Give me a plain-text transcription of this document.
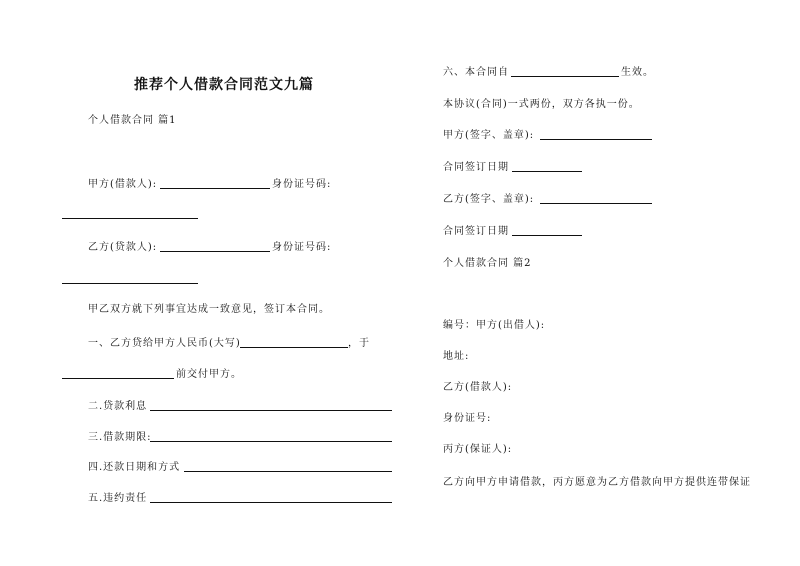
推荐个人借款合同范文九篇
个人借款合同 篇1
甲方(借款人):	身份证号码:
乙方(贷款人):	身份证号码:
甲乙双方就下列事宜达成一致意见，签订本合同。
一、乙方贷给甲方人民币(大写)	，于
前交付甲方。
二.贷款利息
三.借款期限:
四.还款日期和方式
五.违约责任
六、本合同自	生效。
本协议(合同)一式两份，双方各执一份。
甲方(签字、盖章):
合同签订日期
乙方(签字、盖章):
合同签订日期
个人借款合同 篇2
编号：甲方(出借人):
地址:
乙方(借款人):
身份证号:
丙方(保证人):
乙方向甲方申请借款，丙方愿意为乙方借款向甲方提供连带保证
